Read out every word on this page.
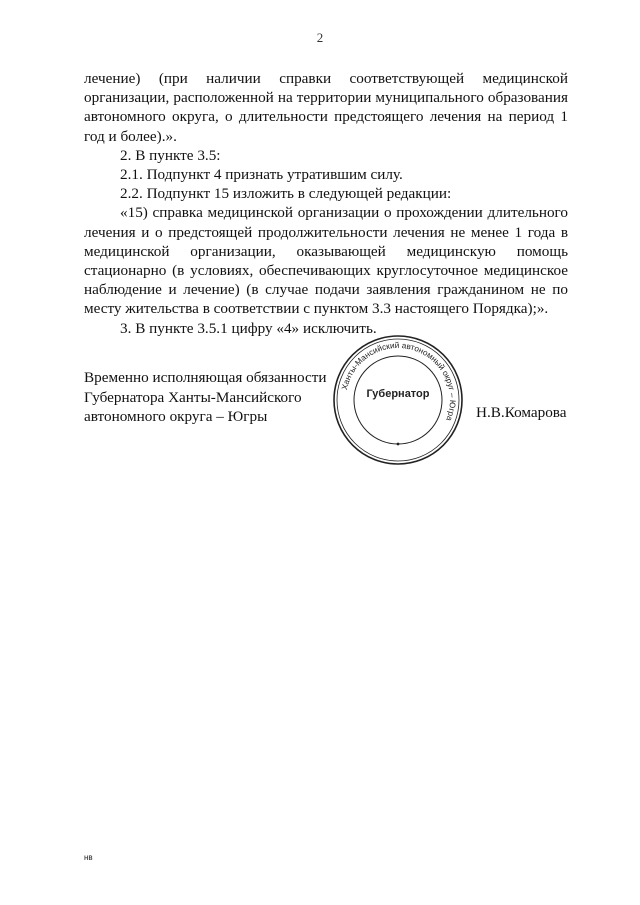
2

лечение) (при наличии справки соответствующей медицинской организации, расположенной на территории муниципального образования автономного округа, о длительности предстоящего лечения на период 1 год и более).».

2. В пункте 3.5:

2.1. Подпункт 4 признать утратившим силу.

2.2. Подпункт 15 изложить в следующей редакции:

«15) справка медицинской организации о прохождении длительного лечения и о предстоящей продолжительности лечения не менее 1 года в медицинской организации, оказывающей медицинскую помощь стационарно (в условиях, обеспечивающих круглосуточное медицинское наблюдение и лечение) (в случае подачи заявления гражданином не по месту жительства в соответствии с пунктом 3.3 настоящего Порядка);».

3. В пункте 3.5.1 цифру «4» исключить.

Временно исполняющая обязанности
Губернатора Ханты-Мансийского
автономного округа – Югры
Ханты-Мансийский автономный округ – Югра
Губернатор
Н.В.Комарова
нв
